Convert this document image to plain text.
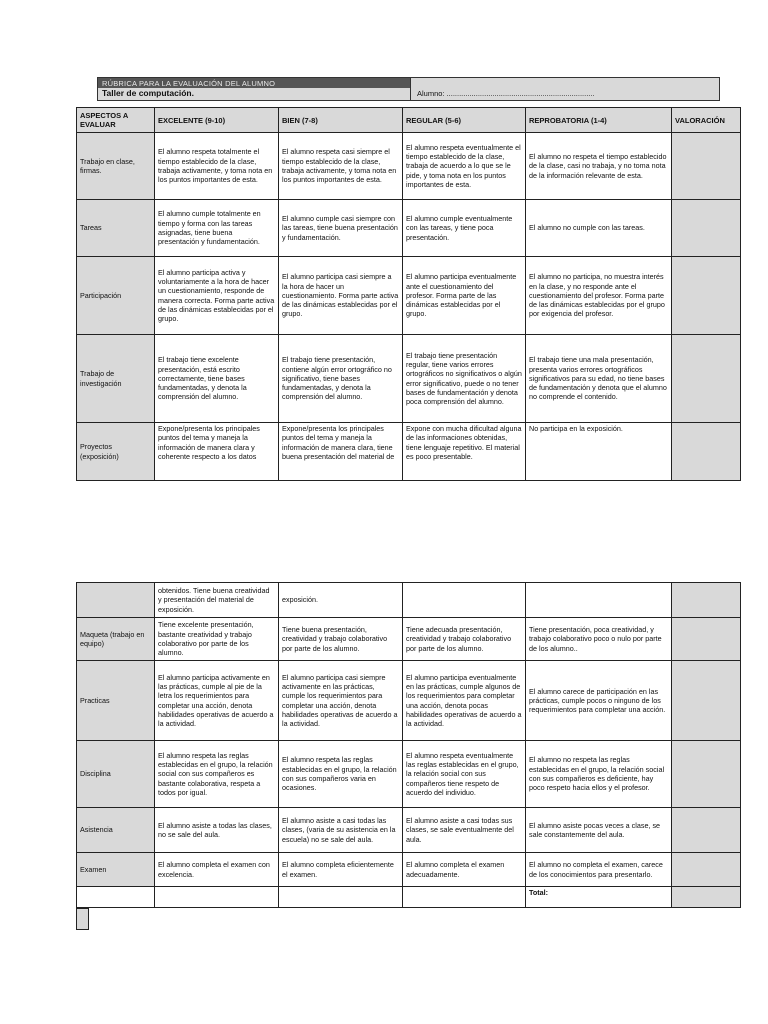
RÚBRICA PARA LA EVALUACIÓN DEL ALUMNO
Taller de computación.	Alumno: .......................................................................
ASPECTOS A EVALUAR	EXCELENTE (9-10)	BIEN (7-8)	REGULAR (5-6)	REPROBATORIA (1-4)	VALORACIÓN
Trabajo en clase, firmas.	El alumno respeta totalmente el tiempo establecido de la clase, trabaja activamente, y toma nota en los puntos importantes de esta.	El alumno respeta casi siempre el tiempo establecido de la clase, trabaja activamente, y toma nota en los puntos importantes de esta.	El alumno respeta eventualmente el tiempo establecido de la clase, trabaja de acuerdo a lo que se le pide, y toma nota en los puntos importantes de esta.	El alumno no respeta el tiempo establecido de la clase, casi no trabaja, y no toma nota de la información relevante de esta.	
Tareas	El alumno cumple totalmente en tiempo y forma con las tareas asignadas, tiene buena presentación y fundamentación.	El alumno cumple casi siempre con las tareas, tiene buena presentación y fundamentación.	El alumno cumple eventualmente con las tareas, y tiene poca presentación.	El alumno no cumple con las tareas.	
Participación	El alumno participa activa y voluntariamente a la hora de hacer un cuestionamiento, responde de manera correcta. Forma parte activa de las dinámicas establecidas por el grupo.	El alumno participa casi siempre a la hora de hacer un cuestionamiento. Forma parte activa de las dinámicas establecidas por el grupo.	El alumno participa eventualmente ante el cuestionamiento del profesor. Forma parte de las dinámicas establecidas por el grupo.	El alumno no participa, no muestra interés en la clase, y no responde ante el cuestionamiento del profesor. Forma parte de las dinámicas establecidas por el grupo por exigencia del profesor.	
Trabajo de investigación	El trabajo tiene excelente presentación, está escrito correctamente, tiene bases fundamentadas, y denota la comprensión del alumno.	El trabajo tiene presentación, contiene algún error ortográfico no significativo, tiene bases fundamentadas, y denota la comprensión del alumno.	El trabajo tiene presentación regular, tiene varios errores ortográficos no significativos o algún error significativo, puede o no tener bases de fundamentación y denota poca comprensión del alumno.	El trabajo tiene una mala presentación, presenta varios errores ortográficos significativos para su edad, no tiene bases de fundamentación y denota que el alumno no comprende el contenido.	
Proyectos (exposición)	Expone/presenta los principales puntos del tema y maneja la información de manera clara y coherente respecto a los datos	Expone/presenta los principales puntos del tema y maneja la información de manera clara, tiene buena presentación del material de	Expone con mucha dificultad alguna de las informaciones obtenidas, tiene lenguaje repetitivo. El material es poco presentable.	No participa en la exposición.	
	obtenidos. Tiene buena creatividad y presentación del material de exposición.	exposición.			
Maqueta (trabajo en equipo)	Tiene excelente presentación, bastante creatividad y trabajo colaborativo por parte de los alumno.	Tiene buena presentación, creatividad y trabajo colaborativo por parte de los alumno.	Tiene adecuada presentación, creatividad y trabajo colaborativo por parte de los alumno.	Tiene presentación, poca creatividad, y trabajo colaborativo poco o nulo por parte de los alumno..	
Practicas	El alumno participa activamente en las prácticas, cumple al pie de la letra los requerimientos para completar una acción, denota habilidades operativas de acuerdo a la actividad.	El alumno participa casi siempre activamente en las prácticas, cumple los requerimientos para completar una acción, denota habilidades operativas de acuerdo a la actividad.	El alumno participa eventualmente en las prácticas, cumple algunos de los requerimientos para completar una acción, denota pocas habilidades operativas de acuerdo a la actividad.	El alumno carece de participación en las prácticas, cumple pocos o ninguno de los requerimientos para completar una acción.	
Disciplina	El alumno respeta las reglas establecidas en el grupo, la relación social con sus compañeros es bastante colaborativa, respeta a todos por igual.	El alumno respeta las reglas establecidas en el grupo, la relación con sus compañeros varia en ocasiones.	El alumno respeta eventualmente las reglas establecidas en el grupo, la relación social con sus compañeros tiene respeto de acuerdo del individuo.	El alumno no respeta las reglas establecidas en el grupo, la relación social con sus compañeros es deficiente, hay poco respeto hacia ellos y el profesor.	
Asistencia	El alumno asiste a todas las clases, no se sale del aula.	El alumno asiste a casi todas las clases, (varia de su asistencia en la escuela) no se sale del aula.	El alumno asiste a casi todas sus clases, se sale eventualmente del aula.	El alumno asiste pocas veces a clase, se sale constantemente del aula.	
Examen	El alumno completa el examen con excelencia.	El alumno completa eficientemente el examen.	El alumno completa el examen adecuadamente.	El alumno no completa el examen, carece de los conocimientos para presentarlo.	
				Total:	
